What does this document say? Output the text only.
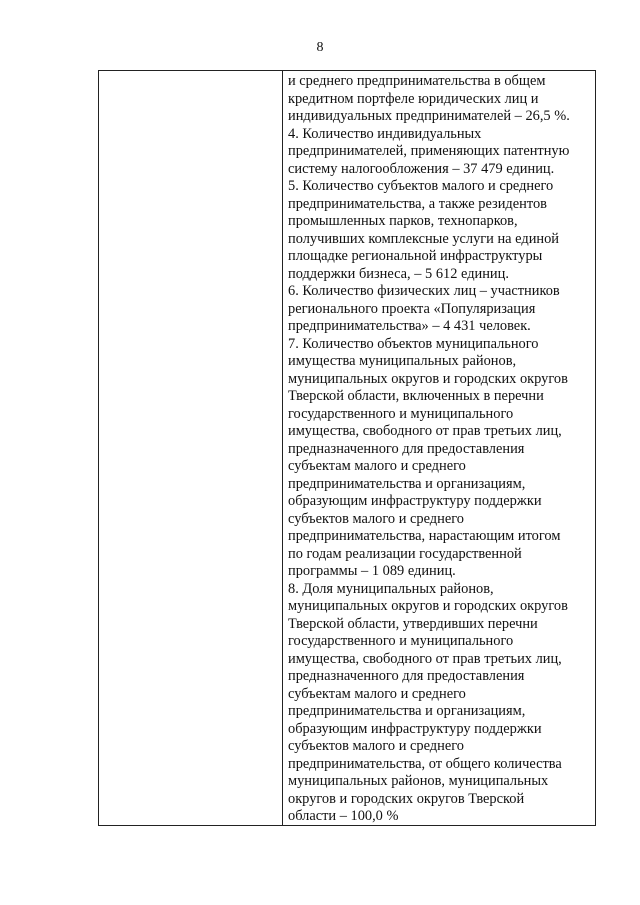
8
и среднего предпринимательства в общем
кредитном портфеле юридических лиц и
индивидуальных предпринимателей – 26,5 %.
4. Количество индивидуальных
предпринимателей, применяющих патентную
систему налогообложения – 37 479 единиц.
5. Количество субъектов малого и среднего
предпринимательства, а также резидентов
промышленных парков, технопарков,
получивших комплексные услуги на единой
площадке региональной инфраструктуры
поддержки бизнеса, – 5 612 единиц.
6. Количество физических лиц – участников
регионального проекта «Популяризация
предпринимательства» – 4 431 человек.
7. Количество объектов муниципального
имущества муниципальных районов,
муниципальных округов и городских округов
Тверской области, включенных в перечни
государственного и муниципального
имущества, свободного от прав третьих лиц,
предназначенного для предоставления
субъектам малого и среднего
предпринимательства и организациям,
образующим инфраструктуру поддержки
субъектов малого и среднего
предпринимательства, нарастающим итогом
по годам реализации государственной
программы – 1 089 единиц.
8. Доля муниципальных районов,
муниципальных округов и городских округов
Тверской области, утвердивших перечни
государственного и муниципального
имущества, свободного от прав третьих лиц,
предназначенного для предоставления
субъектам малого и среднего
предпринимательства и организациям,
образующим инфраструктуру поддержки
субъектов малого и среднего
предпринимательства, от общего количества
муниципальных районов, муниципальных
округов и городских округов Тверской
области – 100,0 %
